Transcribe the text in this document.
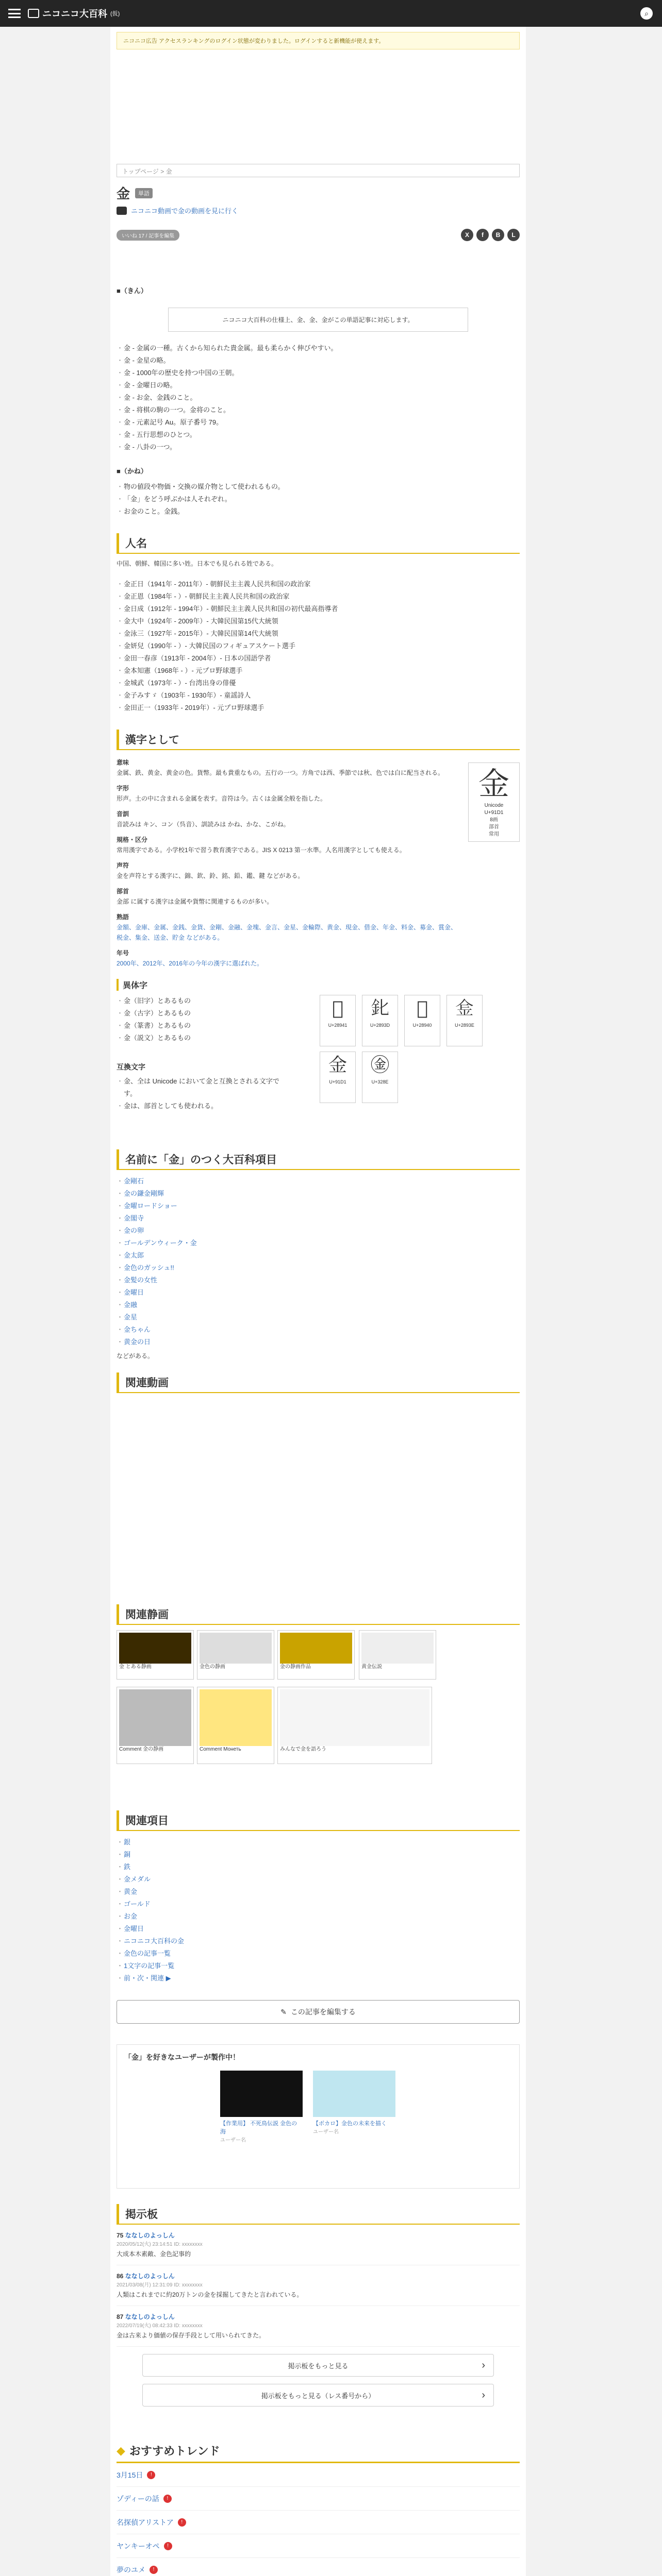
ニコニコ大百科 (仮)	⌕
ニコニコ広告 アクセスランキングのログイン状態が変わりました。ログインすると新機能が使えます。
トップページ > 金
金	単語
ニコニコ動画で金の動画を見に行く
いいね 17 / 記事を編集	X	f	B	L
■（きん）
ニコニコ大百科の仕様上、金、金、金がこの単語記事に対応します。
・ 金 - 金属の一種。古くから知られた貴金属。最も柔らかく伸びやすい。
・ 金 - 金星の略。
・ 金 - 1000年の歴史を持つ中国の王朝。
・ 金 - 金曜日の略。
・ 金 - お金、金銭のこと。
・ 金 - 将棋の駒の一つ。金将のこと。
・ 金 - 元素記号 Au。原子番号 79。
・ 金 - 五行思想のひとつ。
・ 金 - 八卦の一つ。
■（かね）
・ 物の値段や物価・交換の媒介物として使われるもの。
・ 「金」をどう呼ぶかは人それぞれ。
・ お金のこと。金銭。
人名

中国、朝鮮、韓国に多い姓。日本でも見られる姓である。

・ 金正日（1941年 - 2011年）- 朝鮮民主主義人民共和国の政治家
・ 金正恩（1984年 - ）- 朝鮮民主主義人民共和国の政治家
・ 金日成（1912年 - 1994年）- 朝鮮民主主義人民共和国の初代最高指導者
・ 金大中（1924年 - 2009年）- 大韓民国第15代大統領
・ 金泳三（1927年 - 2015年）- 大韓民国第14代大統領
・ 金妍兒（1990年 - ）- 大韓民国のフィギュアスケート選手
・ 金田一春彦（1913年 - 2004年）- 日本の国語学者
・ 金本知憲（1968年 - ）- 元プロ野球選手
・ 金城武（1973年 - ）- 台湾出身の俳優
・ 金子みすゞ（1903年 - 1930年）- 童謡詩人
・ 金田正一（1933年 - 2019年）- 元プロ野球選手
漢字として
金
Unicode
U+91D1
8画
部首
常用
意味

金属、鉄、黄金、黄金の色。貨幣。最も貴重なもの。五行の一つ。方角では西、季節では秋、色では白に配当される。

字形

形声。土の中に含まれる金属を表す。音符は今。古くは金属全般を指した。

音訓

音読みは キン、コン（呉音）、訓読みは かね、かな、こがね。

規格・区分

常用漢字である。小学校1年で習う教育漢字である。JIS X 0213 第一水準。人名用漢字としても使える。

声符

金を声符とする漢字に、錦、欽、鈴、銘、鉛、鑑、鍵 などがある。

部首

金部 に属する漢字は金属や貨幣に関連するものが多い。

熟語

金額、金庫、金属、金銭、金貨、金剛、金融、金塊、金言、金星、金輪際、黄金、現金、借金、年金、料金、募金、賞金、税金、集金、送金、貯金 などがある。

年号

2000年、2012年、2016年の今年の漢字に選ばれた。

異体字
・ 金（旧字）とあるもの
・ 金（古字）とあるもの
・ 金（篆書）とあるもの
・ 金（説文）とあるもの
互換文字
・ 金、全は Unicode において金と互換とされる文字です。
・ 金は、部首としても使われる。
𨥁
U+28941
𨤽
U+2893D
𨥀
U+28940
𨤾
U+2893E
金
U+91D1
㊎
U+328E
名前に「金」のつく大百科項目
・ 金剛石
・ 金の鎌金剛輝
・ 金曜ロードショー
・ 金閣寺
・ 金の卵
・ ゴールデンウィーク・金
・ 金太郎
・ 金色のガッシュ!!
・ 金髪の女性
・ 金曜日
・ 金融
・ 金星
・ 金ちゃん
・ 黄金の日

などがある。

関連動画
関連静画
金 とある静画	金色の静画	金の静画作品	黄金伝説
Comment 金の静画	Comment Монеть	みんなで金を語ろう
関連項目
・ 銀
・ 銅
・ 鉄
・ 金メダル
・ 黄金
・ ゴールド
・ お金
・ 金曜日
・ ニコニコ大百科の金
・ 金色の記事一覧
・ 1文字の記事一覧
・ 前・次・関連 ▶
✎ この記事を編集する
「金」を好きなユーザーが製作中！
【作業用】 不死鳥伝説 金色の海
ユーザー名
【ボカロ】金色の未来を描く
ユーザー名
掲示板
75 ななしのよっしん
2020/05/12(火) 23:14:51 ID: xxxxxxxx
大成本木素敵、金色記事的
86 ななしのよっしん
2021/03/08(月) 12:31:09 ID: xxxxxxxx
人類はこれまでに約20万トンの金を採掘してきたと言われている。
87 ななしのよっしん
2022/07/19(火) 08:42:33 ID: xxxxxxxx
金は古来より価値の保存手段として用いられてきた。
掲示板をもっと見る ›
掲示板をもっと見る（レス番号から） ›
◆ おすすめトレンド
3月15日	!
ゾディーの話	!
名探偵アリストア	!
ヤンキーオペ	!
夢のユメ	!
